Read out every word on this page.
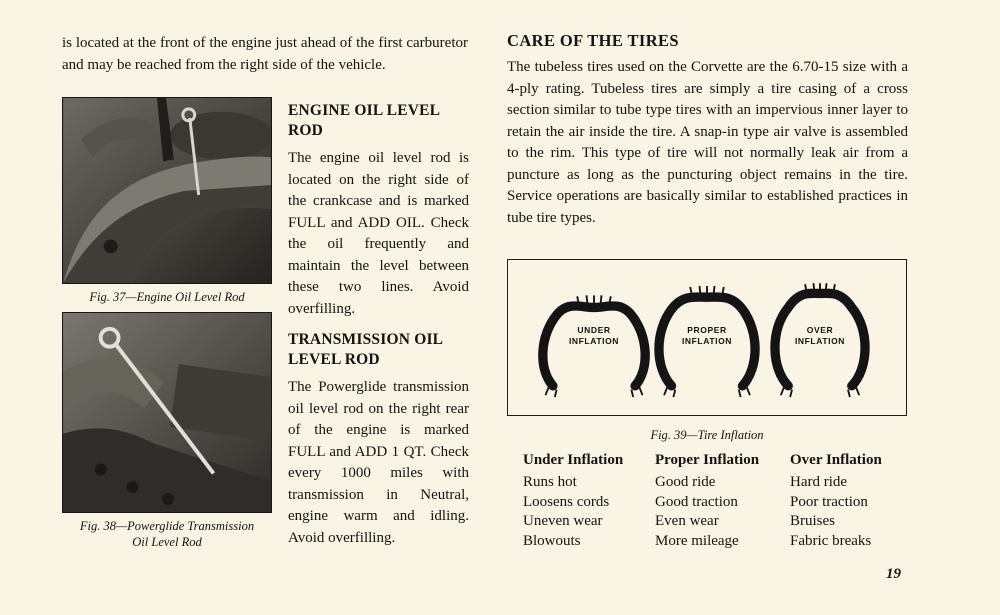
is located at the front of the engine just ahead of the first carburetor and may be reached from the right side of the vehicle.
Fig. 37—Engine Oil Level Rod
ENGINE OIL LEVEL ROD
The engine oil level rod is located on the right side of the crankcase and is marked FULL and ADD OIL. Check the oil frequently and maintain the level between these two lines. Avoid overfilling.
Fig. 38—Powerglide Transmission
Oil Level Rod
TRANSMISSION OIL LEVEL ROD
The Powerglide transmission oil level rod on the right rear of the engine is marked FULL and ADD 1 QT. Check every 1000 miles with transmission in Neutral, engine warm and idling. Avoid overfilling.
CARE OF THE TIRES
The tubeless tires used on the Corvette are the 6.70-15 size with a 4-ply rating. Tubeless tires are simply a tire casing of a cross section similar to tube type tires with an impervious inner layer to retain the air inside the tire. A snap-in type air valve is assembled to the rim. This type of tire will not normally leak air from a puncture as long as the puncturing object remains in the tire. Service operations are basically similar to established practices in tube tire types.
UNDER
INFLATION
PROPER
INFLATION
OVER
INFLATION
Fig. 39—Tire Inflation
Under Inflation	Proper Inflation	Over Inflation
Runs hot	Good ride	Hard ride
Loosens cords	Good traction	Poor traction
Uneven wear	Even wear	Bruises
Blowouts	More mileage	Fabric breaks
19
